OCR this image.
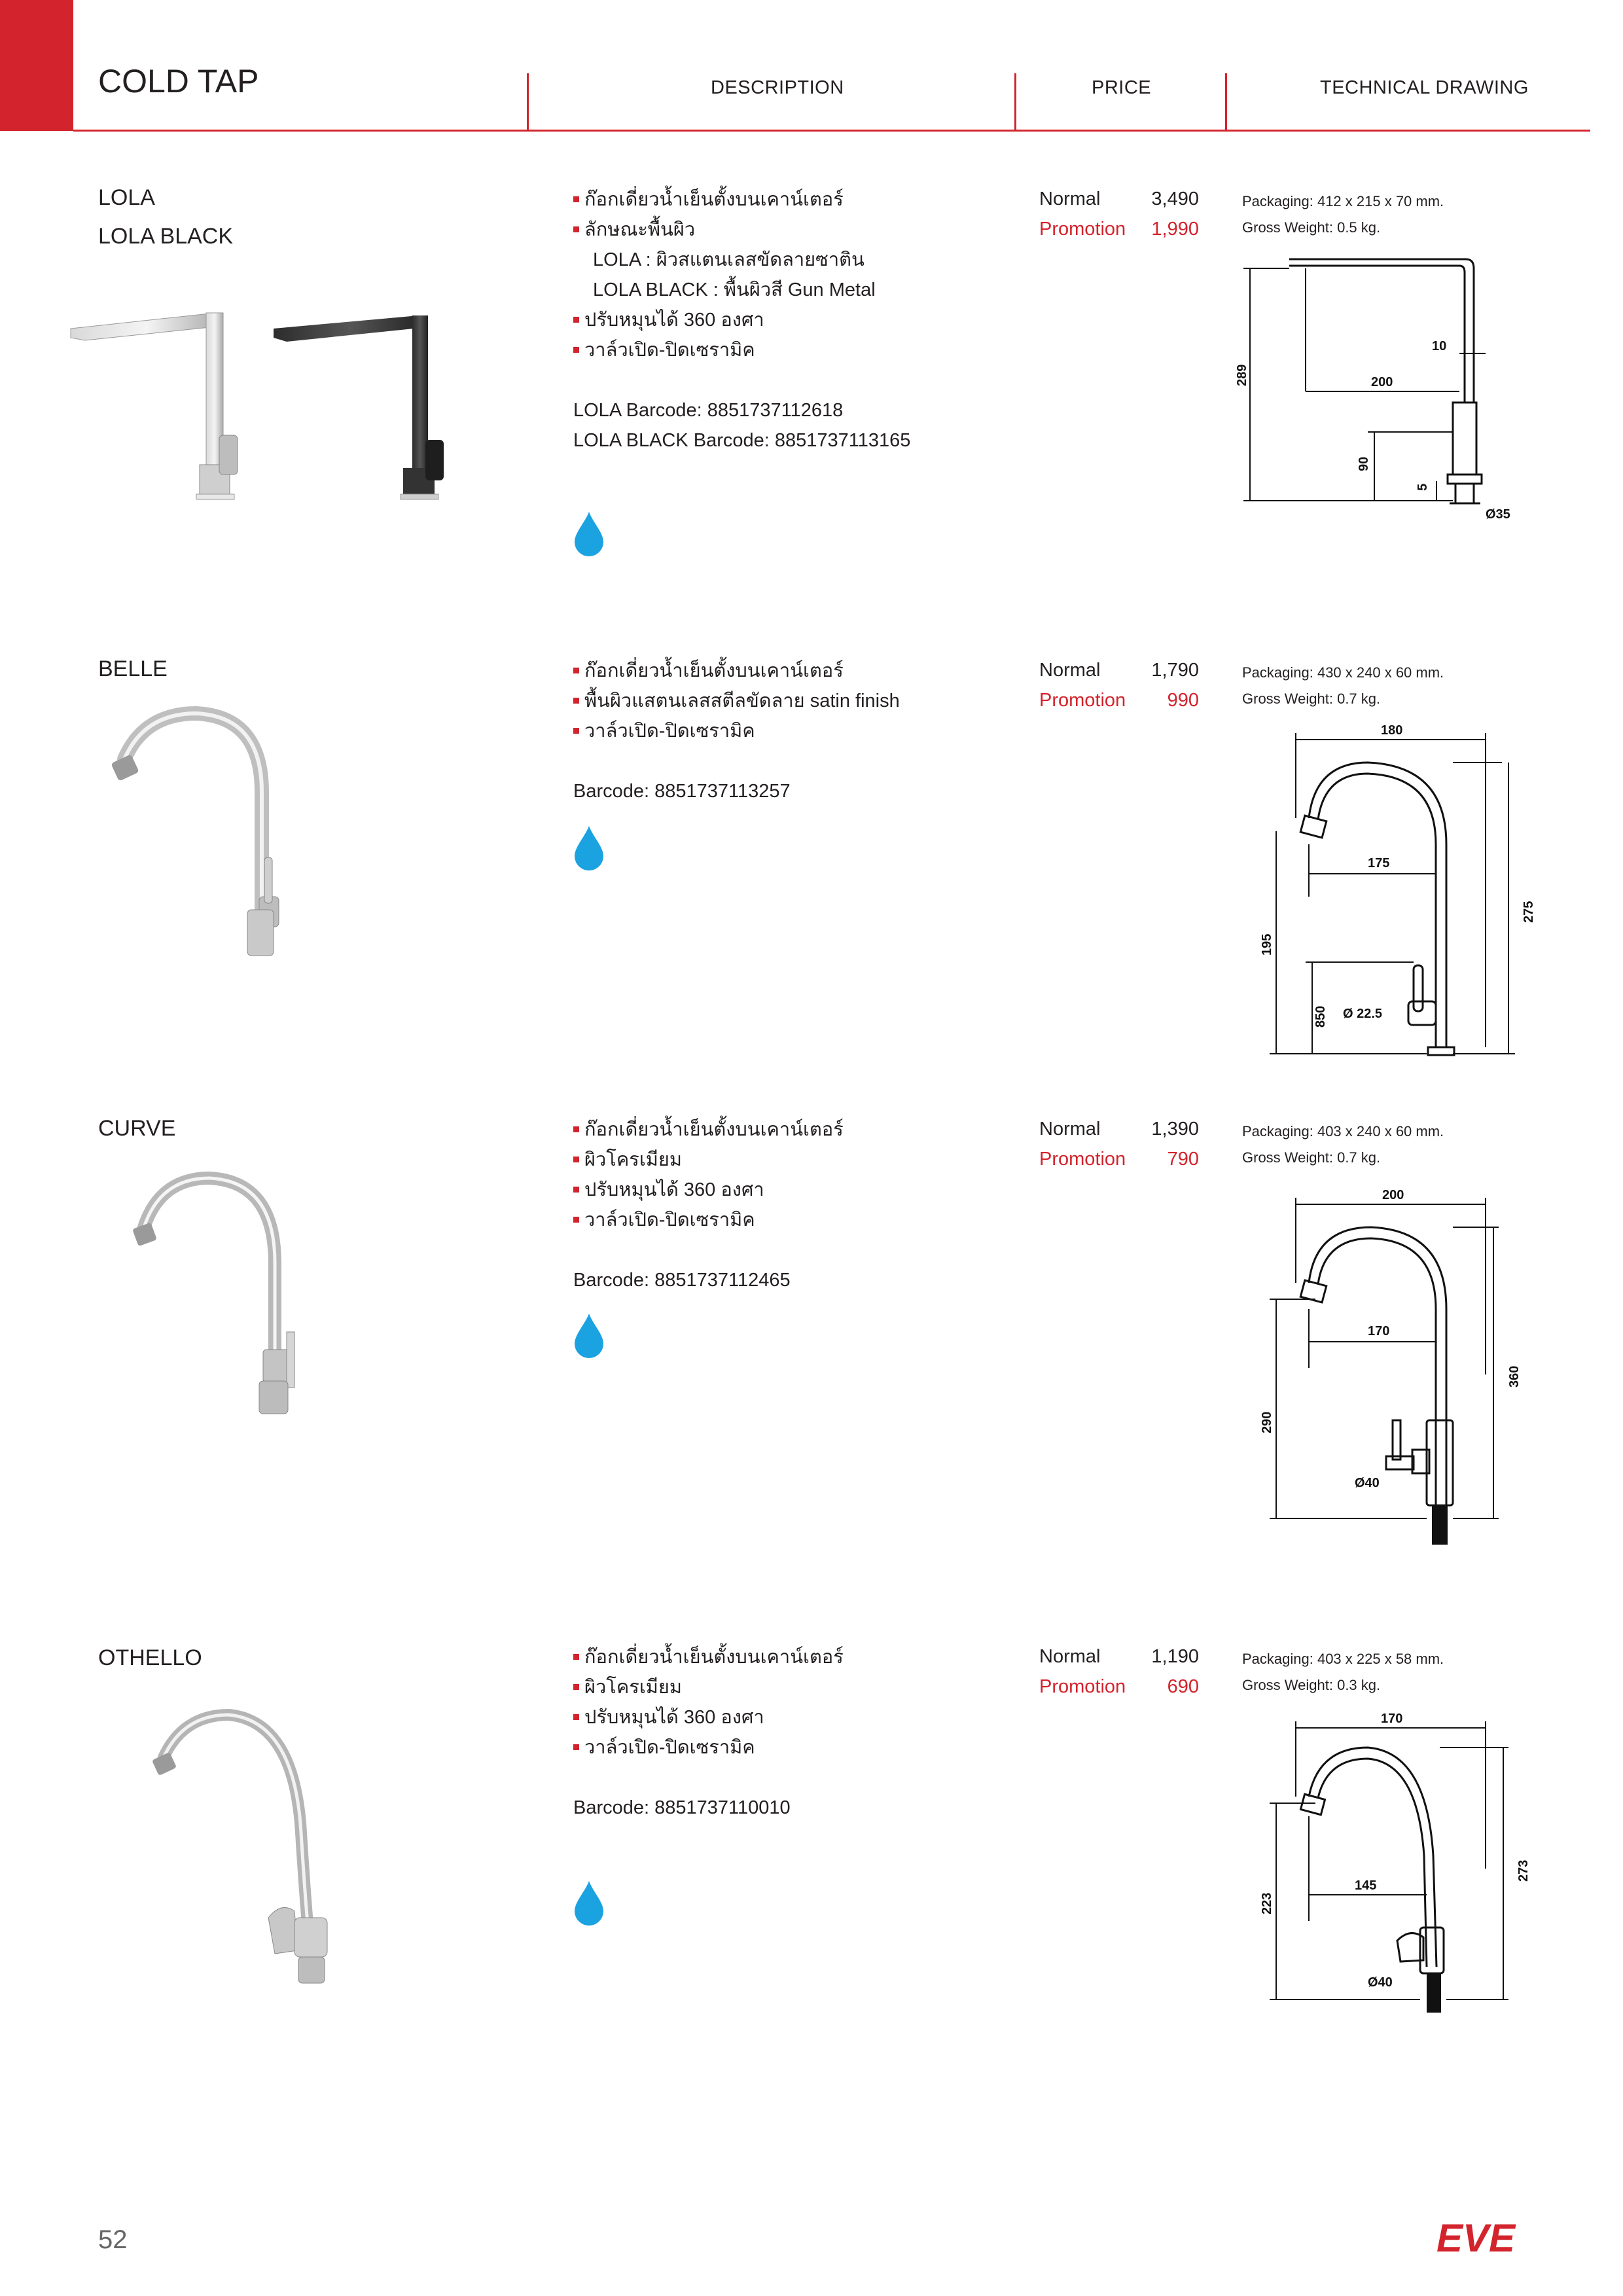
COLD TAP	DESCRIPTION	PRICE	TECHNICAL DRAWING
LOLA
LOLA BLACK
ก๊อกเดี่ยวน้ำเย็นตั้งบนเคาน์เตอร์
ลักษณะพื้นผิว
LOLA : ผิวสแตนเลสขัดลายซาติน
LOLA BLACK : พื้นผิวสี Gun Metal
ปรับหมุนได้ 360 องศา
วาล์วเปิด-ปิดเซรามิค
LOLA Barcode: 8851737112618
LOLA BLACK Barcode: 8851737113165
Normal	3,490
Promotion	1,990
Packaging: 412 x 215 x 70 mm.
Gross Weight: 0.5 kg.
289	200
10
90
5
Ø35
BELLE	ก๊อกเดี่ยวน้ำเย็นตั้งบนเคาน์เตอร์
พื้นผิวแสตนเลสสตีลขัดลาย satin finish
วาล์วเปิด-ปิดเซรามิค
Barcode: 8851737113257
Normal	1,790
Promotion	990
Packaging: 430 x 240 x 60 mm.
Gross Weight: 0.7 kg.
180
175
275
195
850 Ø 22.5
CURVE	ก๊อกเดี่ยวน้ำเย็นตั้งบนเคาน์เตอร์
ผิวโครเมียม
ปรับหมุนได้ 360 องศา
วาล์วเปิด-ปิดเซรามิค
Barcode: 8851737112465
Normal	1,390
Promotion	790
Packaging: 403 x 240 x 60 mm.
Gross Weight: 0.7 kg.
200
170
360
290
Ø40
OTHELLO	ก๊อกเดี่ยวน้ำเย็นตั้งบนเคาน์เตอร์
ผิวโครเมียม
ปรับหมุนได้ 360 องศา
วาล์วเปิด-ปิดเซรามิค
Barcode: 8851737110010
Normal	1,190
Promotion	690
Packaging: 403 x 225 x 58 mm.
Gross Weight: 0.3 kg.
170
145
273
223
Ø40
52	EVE
